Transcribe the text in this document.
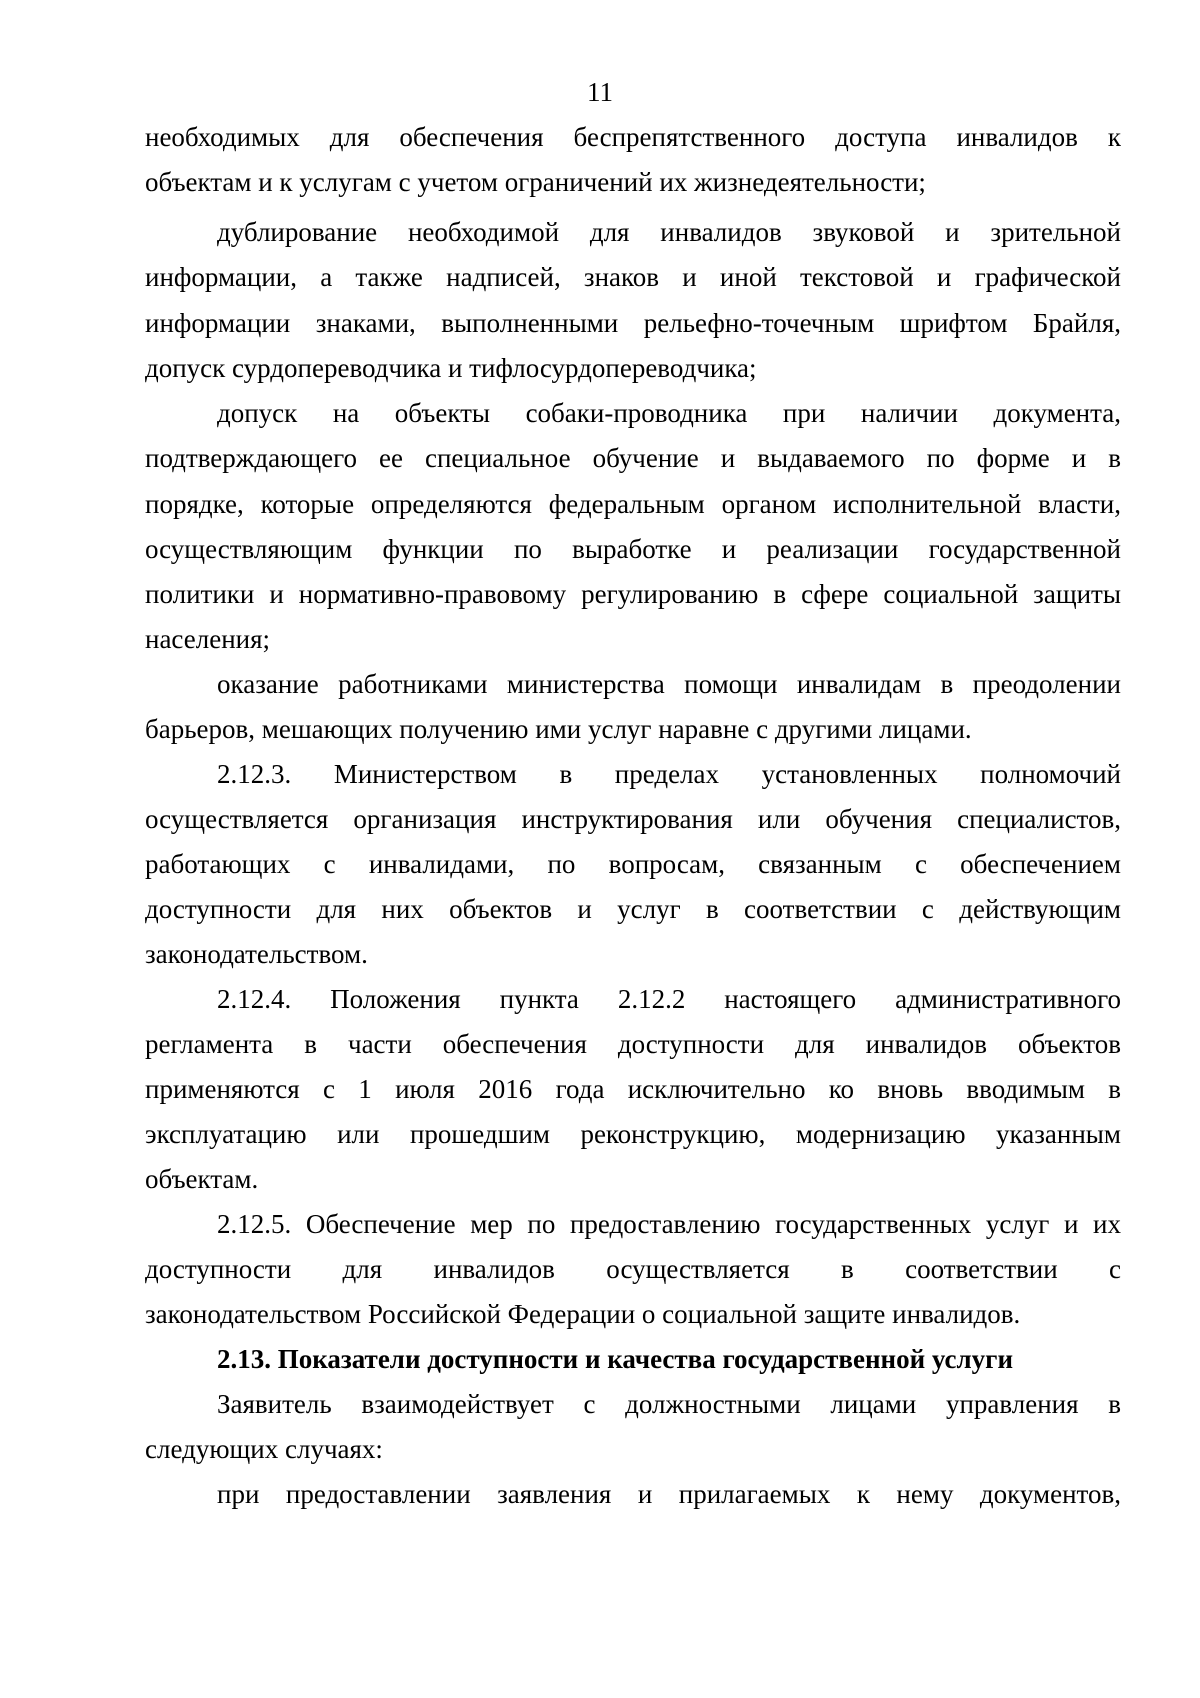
11
необходимых для обеспечения беспрепятственного доступа инвалидов к
объектам и к услугам с учетом ограничений их жизнедеятельности;
дублирование необходимой для инвалидов звуковой и зрительной
информации, а также надписей, знаков и иной текстовой и графической
информации знаками, выполненными рельефно-точечным шрифтом Брайля,
допуск сурдопереводчика и тифлосурдопереводчика;
допуск на объекты собаки-проводника при наличии документа,
подтверждающего ее специальное обучение и выдаваемого по форме и в
порядке, которые определяются федеральным органом исполнительной власти,
осуществляющим функции по выработке и реализации государственной
политики и нормативно-правовому регулированию в сфере социальной защиты
населения;
оказание работниками министерства помощи инвалидам в преодолении
барьеров, мешающих получению ими услуг наравне с другими лицами.
2.12.3. Министерством в пределах установленных полномочий
осуществляется организация инструктирования или обучения специалистов,
работающих с инвалидами, по вопросам, связанным с обеспечением
доступности для них объектов и услуг в соответствии с действующим
законодательством.
2.12.4. Положения пункта 2.12.2 настоящего административного
регламента в части обеспечения доступности для инвалидов объектов
применяются с 1 июля 2016 года исключительно ко вновь вводимым в
эксплуатацию или прошедшим реконструкцию, модернизацию указанным
объектам.
2.12.5. Обеспечение мер по предоставлению государственных услуг и их
доступности для инвалидов осуществляется в соответствии с
законодательством Российской Федерации о социальной защите инвалидов.
2.13. Показатели доступности и качества государственной услуги
Заявитель взаимодействует с должностными лицами управления в
следующих случаях:
при предоставлении заявления и прилагаемых к нему документов,
